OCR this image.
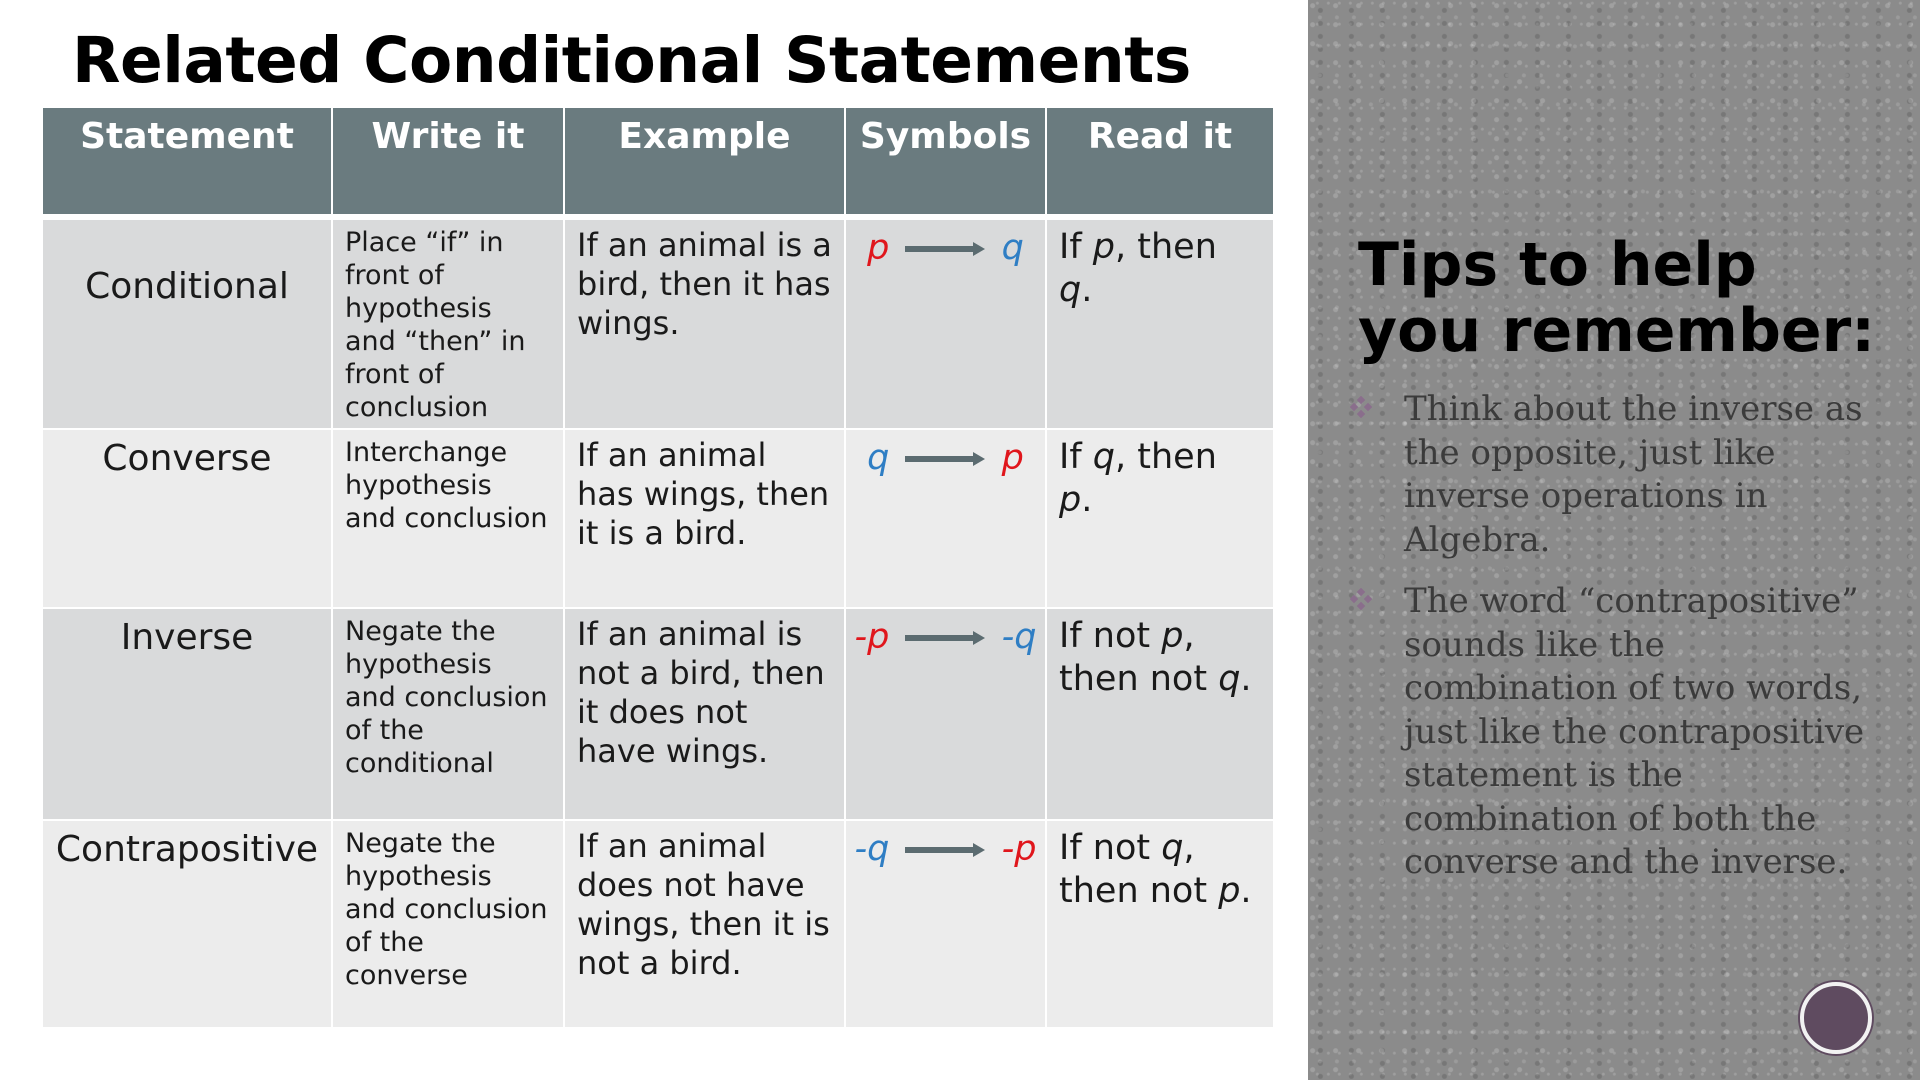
Related Conditional Statements
Statement	Write it	Example	Symbols	Read it
Conditional	Place “if” in front of hypothesis and “then” in front of conclusion	If an animal is a bird, then it has wings.	p q	If p, then q.
Converse	Interchange hypothesis and conclusion	If an animal has wings, then it is a bird.	q p	If q, then p.
Inverse	Negate the hypothesis and conclusion of the conditional	If an animal is not a bird, then it does not have wings.	-p -q	If not p, then not q.
Contrapositive	Negate the hypothesis and conclusion of the converse	If an animal does not have wings, then it is not a bird.	-q -p	If not q, then not p.
Tips to help you remember:
Think about the inverse as the opposite, just like inverse operations in Algebra.
The word “contrapositive” sounds like the combination of two words, just like the contrapositive statement is the combination of both the converse and the inverse.
